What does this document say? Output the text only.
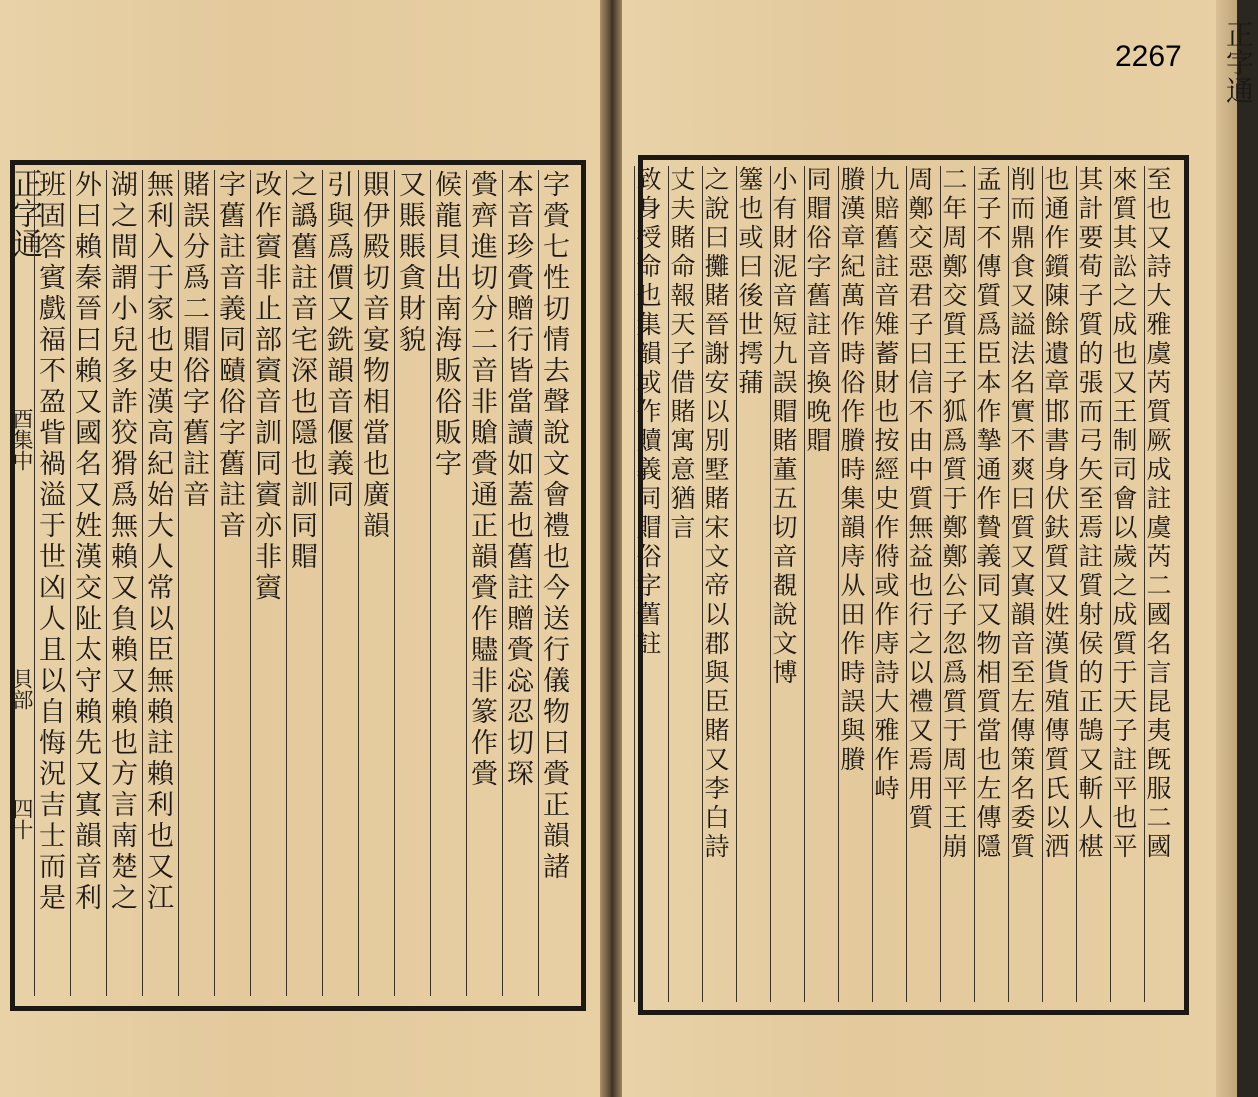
正字通
2267
正字通
酉集中
貝部
四十	字賫七性切情去聲說文會禮也今送行儀物曰賫正韻諸
本音珍賫贈行皆當讀如蓋也舊註贈賫惢忍切琛
賫齊進切分二音非賶賫通正韻賫作贐非篆作賫
候龍貝出南海販俗販字
又賬賬貪財貌
賏伊殿切音宴物相當也廣韻
引與爲價又銑韻音偃義同
之譌舊註音宅深也隱也訓同賵
改作賨非止部賨音訓同賨亦非賨
字舊註音義同賾俗字舊註音
賭誤分爲二賵俗字舊註音
無利入于家也史漢高紀始大人常以臣無賴註賴利也又江
湖之間謂小兒多詐狡猾爲無賴又負賴又賴也方言南楚之
外曰賴秦晉曰賴又國名又姓漢交阯太守賴先又寘韻音利
班固答賓戲福不盈眥禍溢于世凶人且以自悔況吉士而是	至也又詩大雅虞芮質厥成註虞芮二國名言昆夷旣服二國
來質其訟之成也又王制司會以歲之成質于天子註平也平
其計要荀子質的張而弓矢至焉註質射侯的正鵠又斬人椹
也通作鑕陳餘遺章邯書身伏鈇質又姓漢貨殖傳質氏以洒
削而鼎食又謚法名實不爽曰質又寘韻音至左傳策名委質
孟子不傳質爲臣本作摯通作贄義同又物相質當也左傳隱
二年周鄭交質王子狐爲質于鄭鄭公子忽爲質于周平王崩
周鄭交惡君子曰信不由中質無益也行之以禮又焉用質
九賠舊註音雉蓄財也按經史作偫或作庤詩大雅作峙
賸漢章紀萬作時俗作賸時集韻庤从田作時誤與賸
同賵俗字舊註音換晚賵
小有財泥音短九誤賵賭董五切音覩說文博
簺也或曰後世摴蒱
之說曰攤賭晉謝安以別墅賭宋文帝以郡與臣賭又李白詩
丈夫賭命報天子借賭寓意猶言
致身授命也集韻或作贖義同賵俗字舊註
